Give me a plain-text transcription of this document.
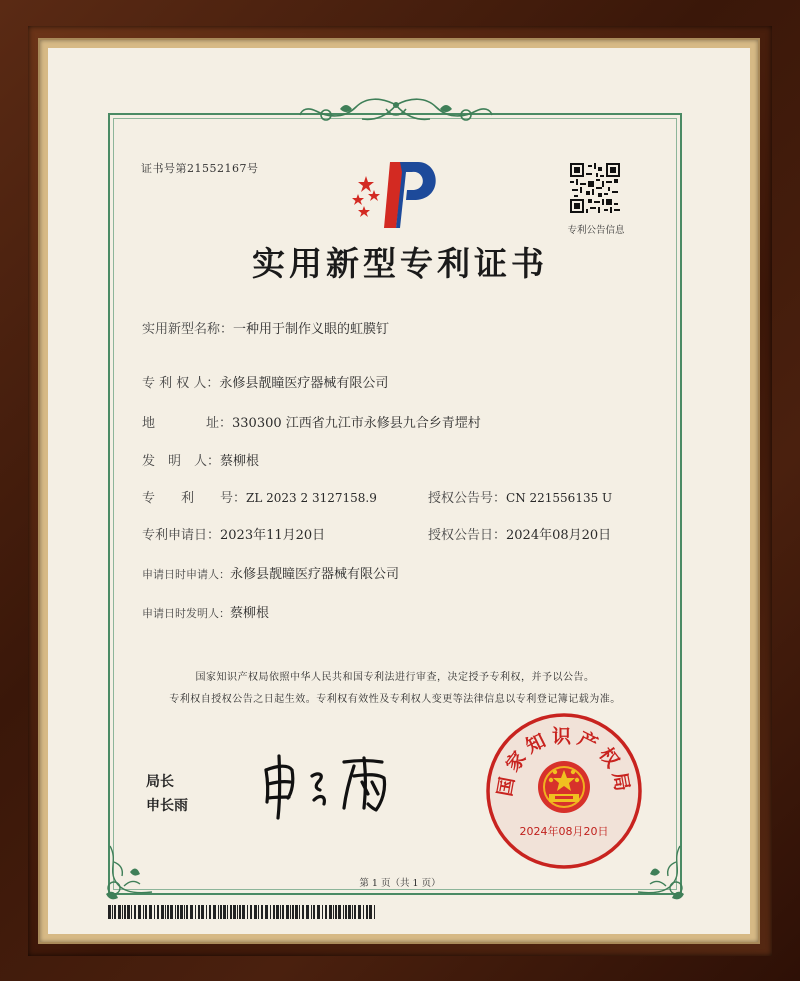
证书号第21552167号
专利公告信息
实用新型专利证书
实用新型名称：一种用于制作义眼的虹膜钉
专 利 权 人：永修县靓瞳医疗器械有限公司
地	址：330300 江西省九江市永修县九合乡青堽村
发　明　人：蔡柳根
专　　利　　号：ZL 2023 2 3127158.9	授权公告号：CN 221556135 U
专利申请日：2023年11月20日	授权公告日：2024年08月20日
申请日时申请人：永修县靓瞳医疗器械有限公司
申请日时发明人：蔡柳根
国家知识产权局依照中华人民共和国专利法进行审查，决定授予专利权，并予以公告。
专利权自授权公告之日起生效。专利权有效性及专利权人变更等法律信息以专利登记簿记载为准。
局长
申长雨
国家知识产权局
2024年08月20日
第 1 页（共 1 页）
